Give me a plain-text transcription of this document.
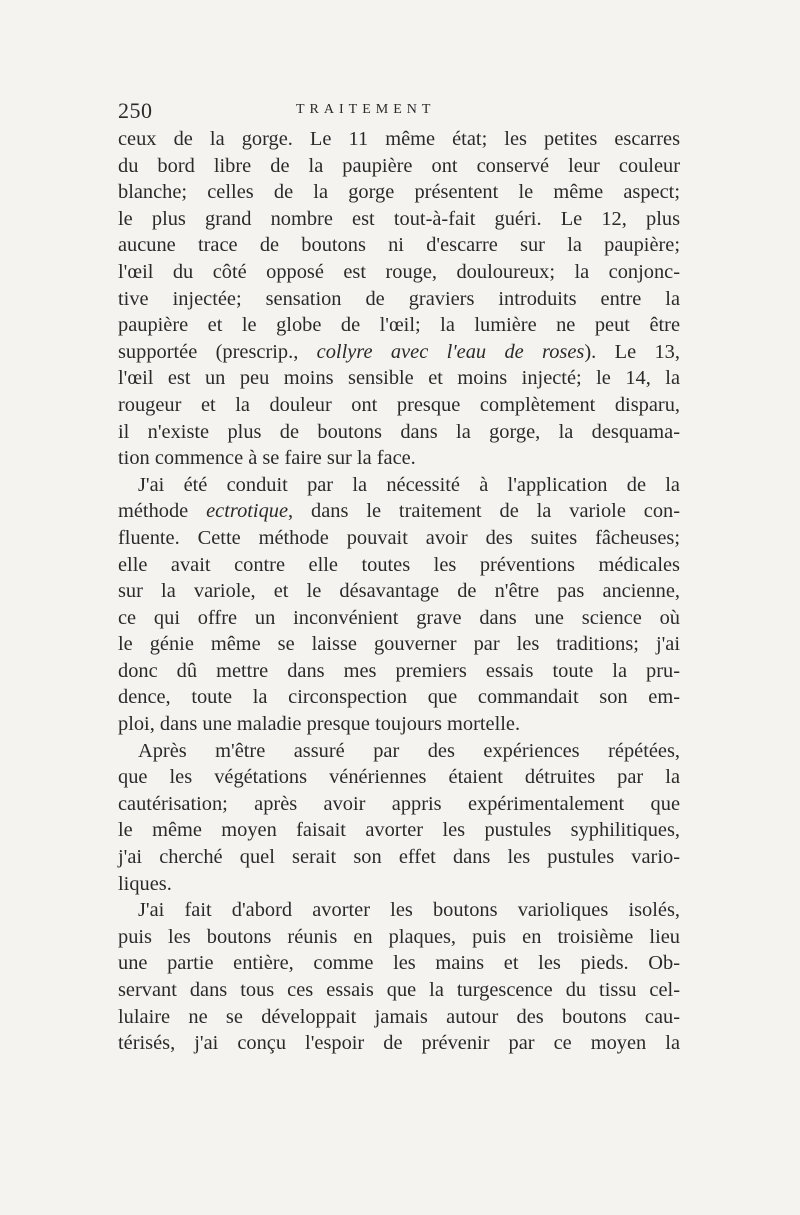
250	TRAITEMENT
ceux de la gorge. Le 11 même état; les petites escarres
du bord libre de la paupière ont conservé leur couleur
blanche; celles de la gorge présentent le même aspect;
le plus grand nombre est tout-à-fait guéri. Le 12, plus
aucune trace de boutons ni d'escarre sur la paupière;
l'œil du côté opposé est rouge, douloureux; la conjonc-
tive injectée; sensation de graviers introduits entre la
paupière et le globe de l'œil; la lumière ne peut être
supportée (prescrip., collyre avec l'eau de roses). Le 13,
l'œil est un peu moins sensible et moins injecté; le 14, la
rougeur et la douleur ont presque complètement disparu,
il n'existe plus de boutons dans la gorge, la desquama-
tion commence à se faire sur la face.
J'ai été conduit par la nécessité à l'application de la
méthode ectrotique, dans le traitement de la variole con-
fluente. Cette méthode pouvait avoir des suites fâcheuses;
elle avait contre elle toutes les préventions médicales
sur la variole, et le désavantage de n'être pas ancienne,
ce qui offre un inconvénient grave dans une science où
le génie même se laisse gouverner par les traditions; j'ai
donc dû mettre dans mes premiers essais toute la pru-
dence, toute la circonspection que commandait son em-
ploi, dans une maladie presque toujours mortelle.
Après m'être assuré par des expériences répétées,
que les végétations vénériennes étaient détruites par la
cautérisation; après avoir appris expérimentalement que
le même moyen faisait avorter les pustules syphilitiques,
j'ai cherché quel serait son effet dans les pustules vario-
liques.
J'ai fait d'abord avorter les boutons varioliques isolés,
puis les boutons réunis en plaques, puis en troisième lieu
une partie entière, comme les mains et les pieds. Ob-
servant dans tous ces essais que la turgescence du tissu cel-
lulaire ne se développait jamais autour des boutons cau-
térisés, j'ai conçu l'espoir de prévenir par ce moyen la
